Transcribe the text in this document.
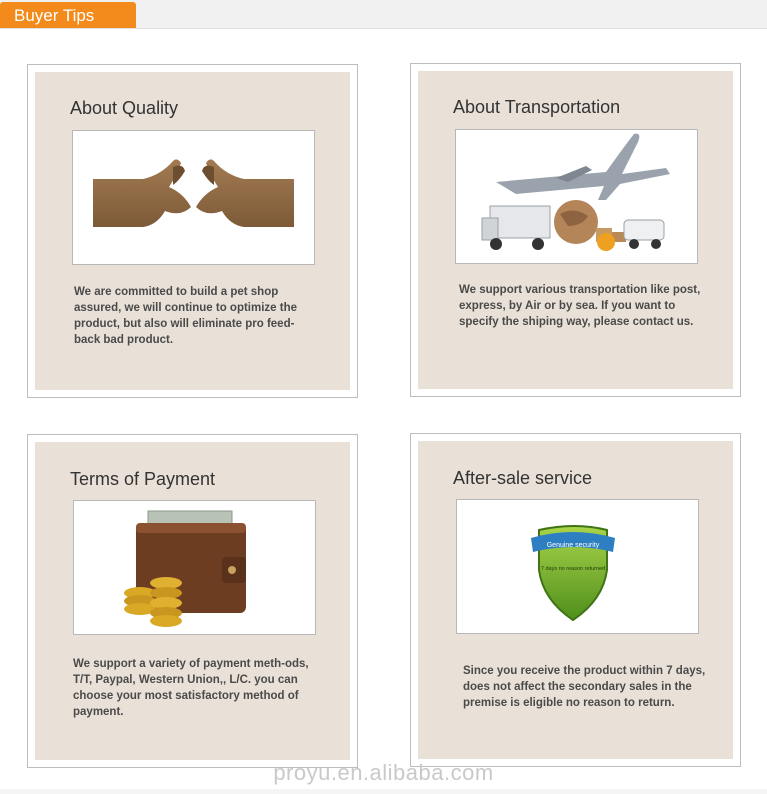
Buyer Tips
About Quality
We are committed to build a pet shop assured, we will continue to optimize the product, but also will eliminate pro feed-back bad product.
About Transportation
We support various transportation like post, express, by Air or by sea. If you want to specify the shiping way, please contact us.
Terms of Payment
We support a variety of payment meth-ods, T/T, Paypal, Western Union,, L/C. you can choose your most satisfactory method of payment.
After-sale service
Genuine security
7 days no reason returned
Since you receive the product within 7 days, does not affect the secondary sales in the premise is eligible no reason to return.
proyu.en.alibaba.com
